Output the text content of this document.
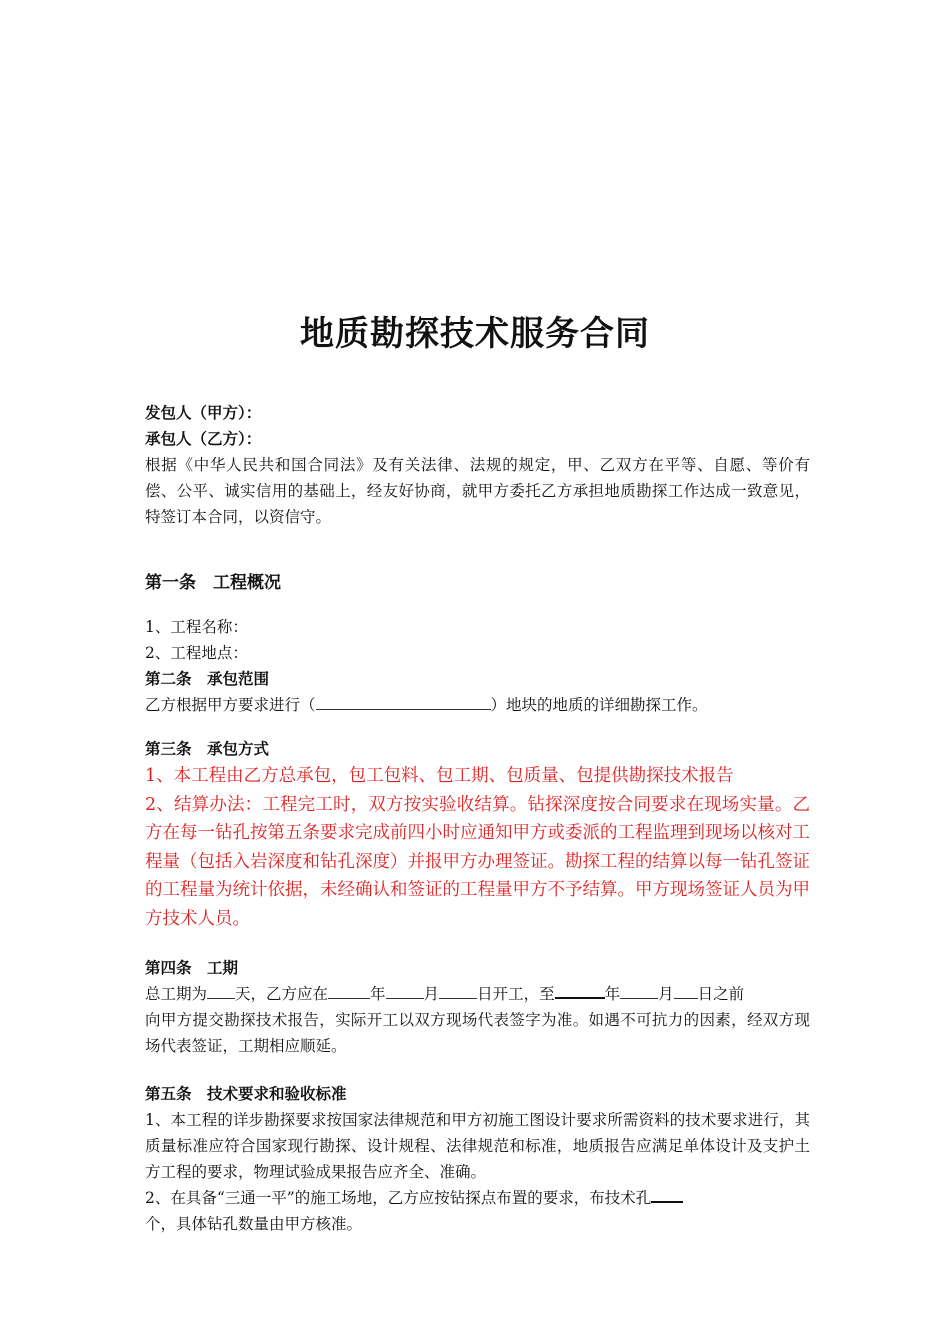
地质勘探技术服务合同

发包人（甲方）：

承包人（乙方）：

根据《中华人民共和国合同法》及有关法律、法规的规定，甲、乙双方在平等、自愿、等价有偿、公平、诚实信用的基础上，经友好协商，就甲方委托乙方承担地质勘探工作达成一致意见，特签订本合同，以资信守。

第一条　工程概况

1、工程名称：

2、工程地点：

第二条　承包范围

乙方根据甲方要求进行（	）地块的地质的详细勘探工作。

第三条　承包方式

1、本工程由乙方总承包，包工包料、包工期、包质量、包提供勘探技术报告

2、结算办法：工程完工时，双方按实验收结算。钻探深度按合同要求在现场实量。乙方在每一钻孔按第五条要求完成前四小时应通知甲方或委派的工程监理到现场以核对工程量（包括入岩深度和钻孔深度）并报甲方办理签证。勘探工程的结算以每一钻孔签证的工程量为统计依据，未经确认和签证的工程量甲方不予结算。甲方现场签证人员为甲方技术人员。

第四条　工期

总工期为 天，乙方应在	年 月 日开工，至	年 月 日之前

向甲方提交勘探技术报告，实际开工以双方现场代表签字为准。如遇不可抗力的因素，经双方现场代表签证，工期相应顺延。

第五条　技术要求和验收标准

1、本工程的详步勘探要求按国家法律规范和甲方初施工图设计要求所需资料的技术要求进行，其质量标准应符合国家现行勘探、设计规程、法律规范和标准，地质报告应满足单体设计及支护土方工程的要求，物理试验成果报告应齐全、准确。

2、在具备“三通一平”的施工场地，乙方应按钻探点布置的要求，布技术孔

个，具体钻孔数量由甲方核准。
